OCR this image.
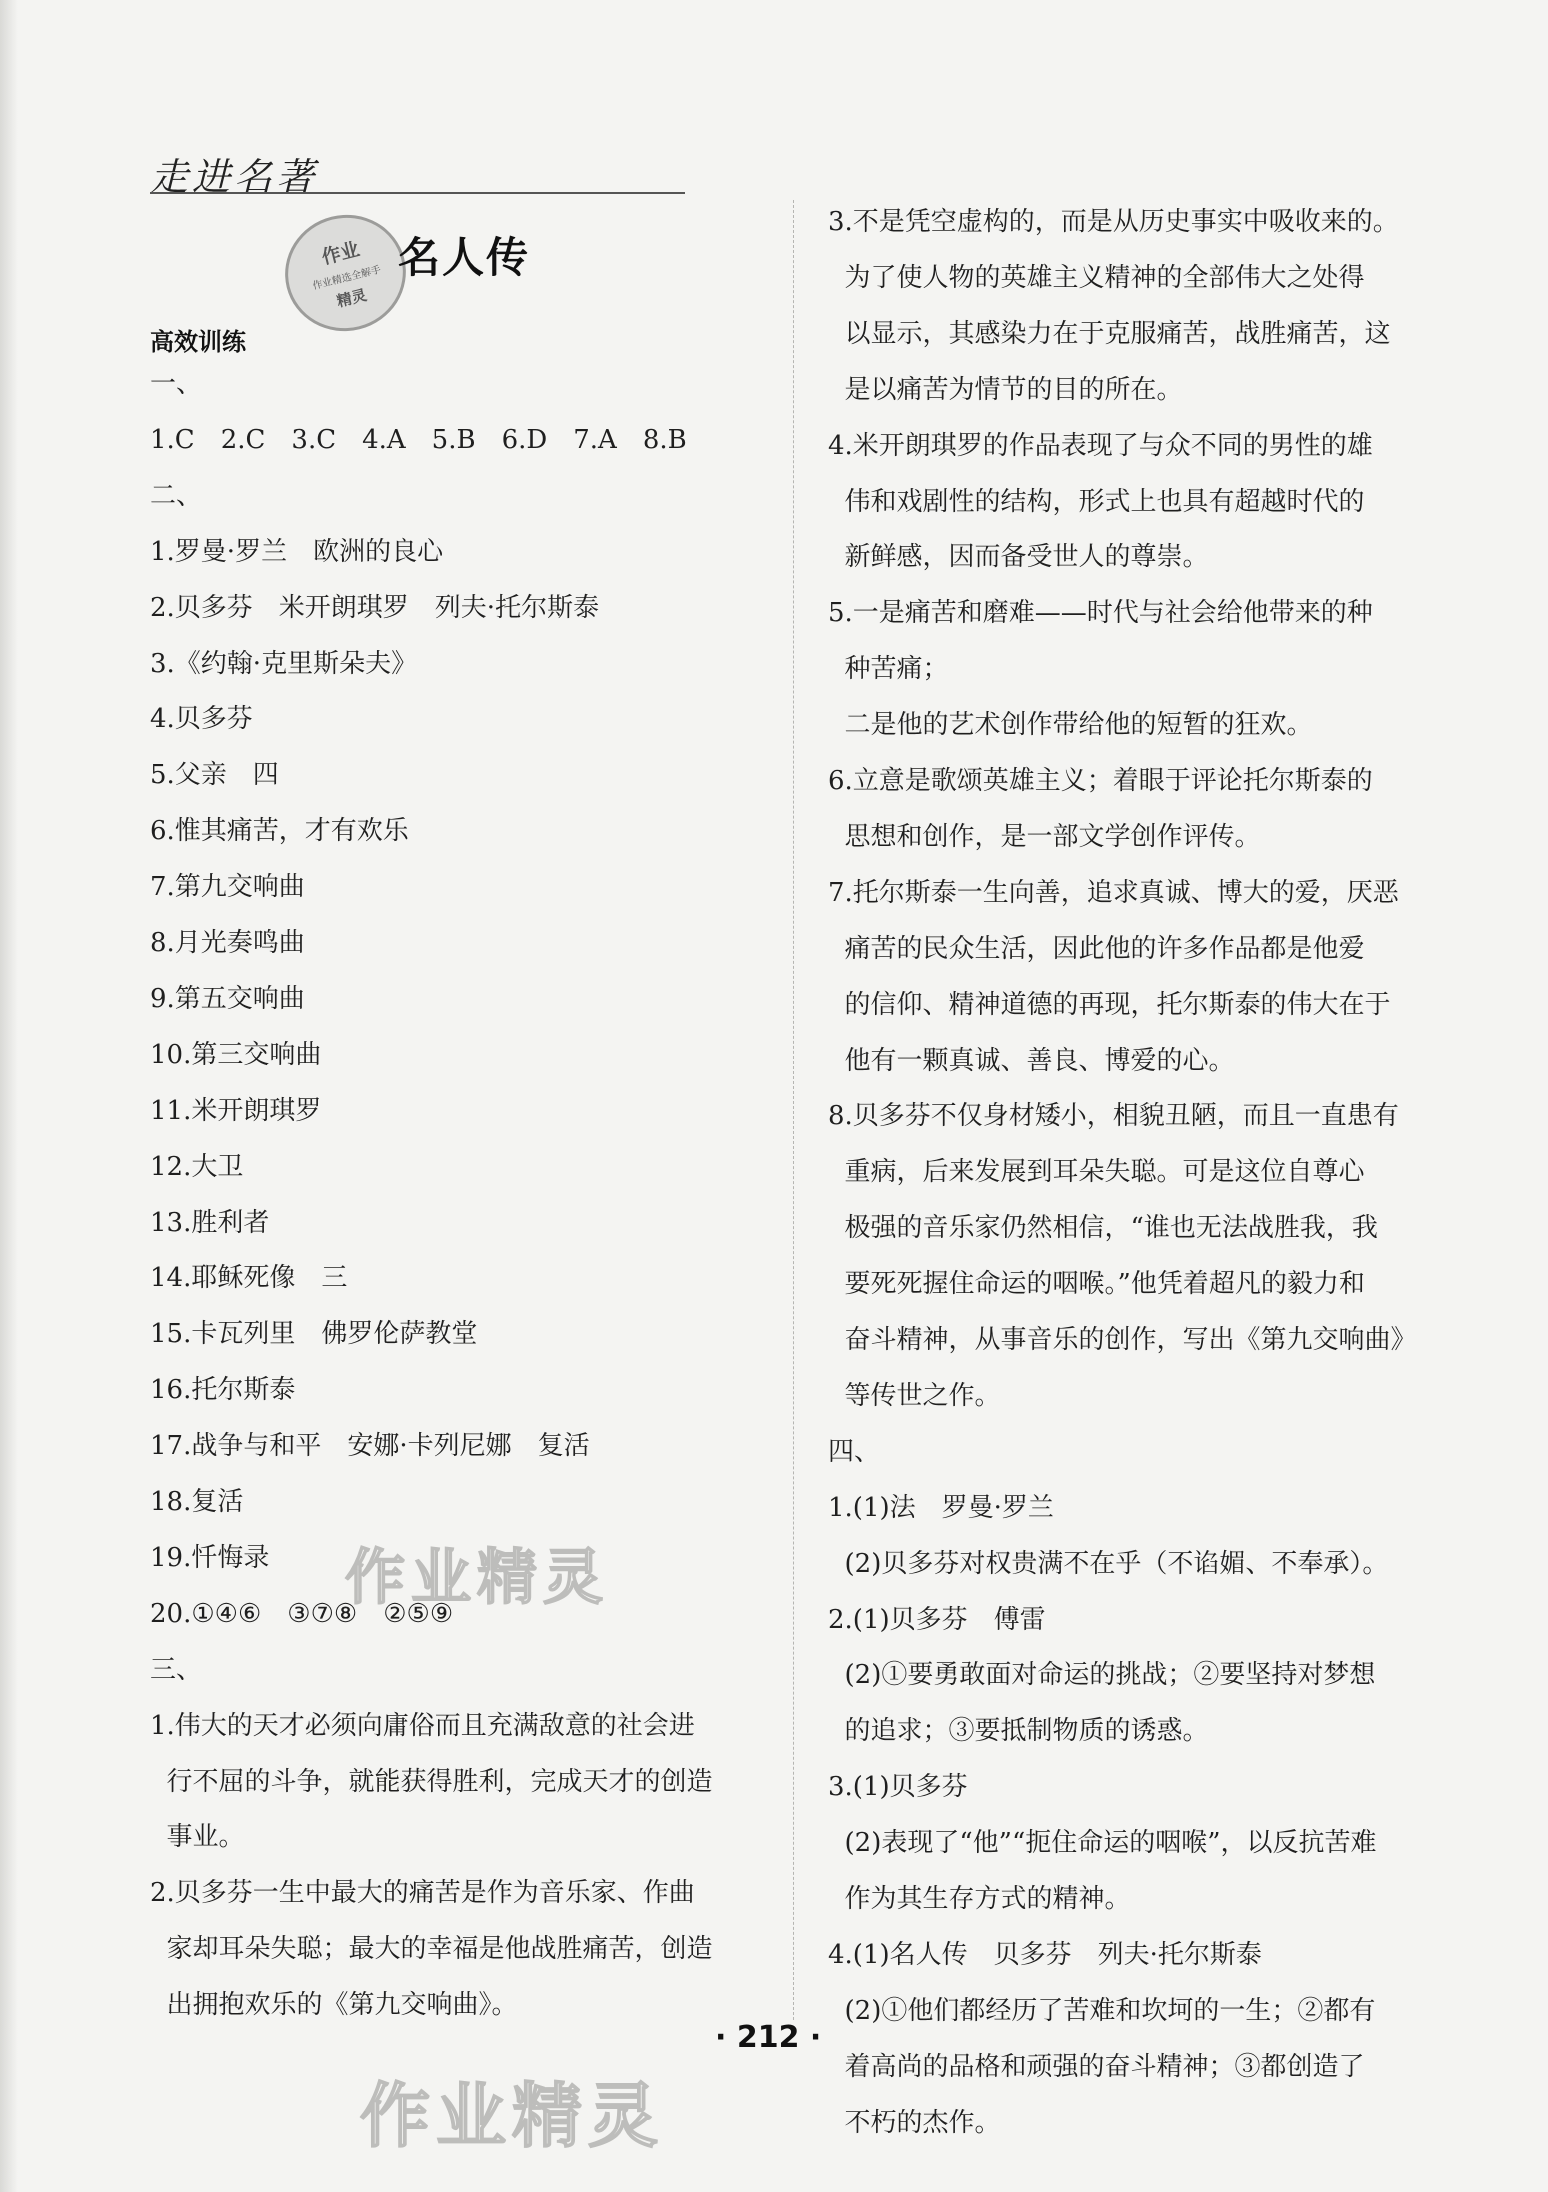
走进名著
作业
作业精选全解手
精灵
名人传
高效训练
一、
1.C　2.C　3.C　4.A　5.B　6.D　7.A　8.B
二、
1.罗曼·罗兰　欧洲的良心
2.贝多芬　米开朗琪罗　列夫·托尔斯泰
3.《约翰·克里斯朵夫》
4.贝多芬
5.父亲　四
6.惟其痛苦，才有欢乐
7.第九交响曲
8.月光奏鸣曲
9.第五交响曲
10.第三交响曲
11.米开朗琪罗
12.大卫
13.胜利者
14.耶稣死像　三
15.卡瓦列里　佛罗伦萨教堂
16.托尔斯泰
17.战争与和平　安娜·卡列尼娜　复活
18.复活
19.忏悔录
20.①④⑥　③⑦⑧　②⑤⑨
三、
1.伟大的天才必须向庸俗而且充满敌意的社会进
行不屈的斗争，就能获得胜利，完成天才的创造
事业。
2.贝多芬一生中最大的痛苦是作为音乐家、作曲
家却耳朵失聪；最大的幸福是他战胜痛苦，创造
出拥抱欢乐的《第九交响曲》。
3.不是凭空虚构的，而是从历史事实中吸收来的。
为了使人物的英雄主义精神的全部伟大之处得
以显示，其感染力在于克服痛苦，战胜痛苦，这
是以痛苦为情节的目的所在。
4.米开朗琪罗的作品表现了与众不同的男性的雄
伟和戏剧性的结构，形式上也具有超越时代的
新鲜感，因而备受世人的尊崇。
5.一是痛苦和磨难——时代与社会给他带来的种
种苦痛；
二是他的艺术创作带给他的短暂的狂欢。
6.立意是歌颂英雄主义；着眼于评论托尔斯泰的
思想和创作，是一部文学创作评传。
7.托尔斯泰一生向善，追求真诚、博大的爱，厌恶
痛苦的民众生活，因此他的许多作品都是他爱
的信仰、精神道德的再现，托尔斯泰的伟大在于
他有一颗真诚、善良、博爱的心。
8.贝多芬不仅身材矮小，相貌丑陋，而且一直患有
重病，后来发展到耳朵失聪。可是这位自尊心
极强的音乐家仍然相信，“谁也无法战胜我，我
要死死握住命运的咽喉。”他凭着超凡的毅力和
奋斗精神，从事音乐的创作，写出《第九交响曲》
等传世之作。
四、
1.(1)法　罗曼·罗兰
(2)贝多芬对权贵满不在乎（不谄媚、不奉承）。
2.(1)贝多芬　傅雷
(2)①要勇敢面对命运的挑战；②要坚持对梦想
的追求；③要抵制物质的诱惑。
3.(1)贝多芬
(2)表现了“他”“扼住命运的咽喉”，以反抗苦难
作为其生存方式的精神。
4.(1)名人传　贝多芬　列夫·托尔斯泰
(2)①他们都经历了苦难和坎坷的一生；②都有
着高尚的品格和顽强的奋斗精神；③都创造了
不朽的杰作。
作业精灵
作业精灵
· 212 ·
